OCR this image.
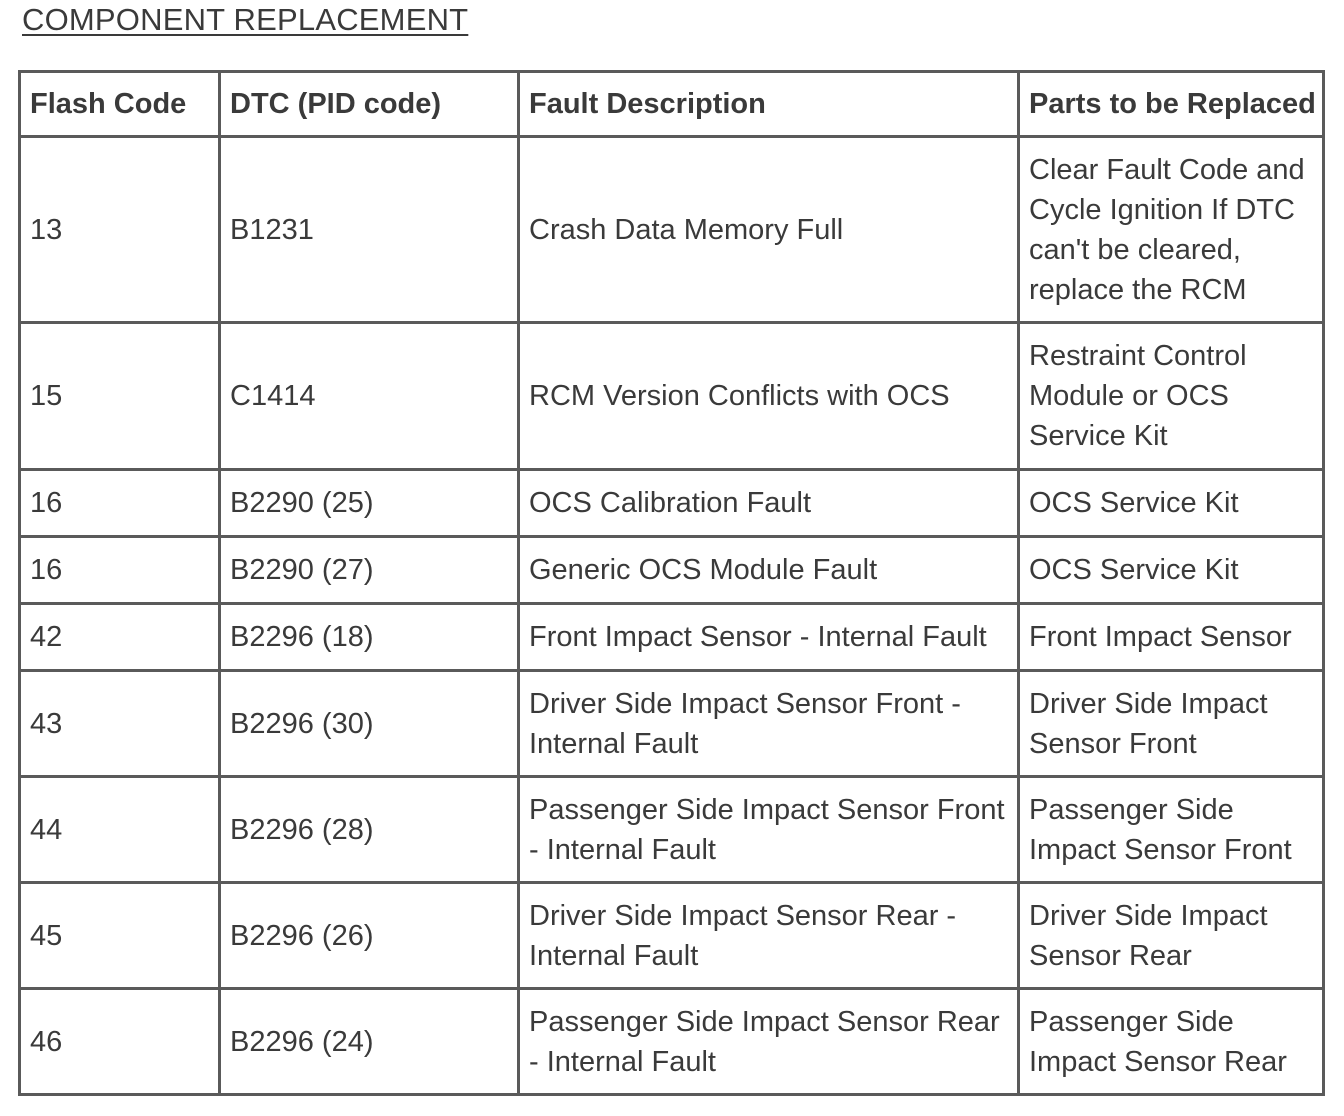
COMPONENT REPLACEMENT
Flash Code	DTC (PID code)	Fault Description	Parts to be Replaced
13	B1231	Crash Data Memory Full	Clear Fault Code and Cycle Ignition If DTC can't be cleared, replace the RCM
15	C1414	RCM Version Conflicts with OCS	Restraint Control Module or OCS Service Kit
16	B2290 (25)	OCS Calibration Fault	OCS Service Kit
16	B2290 (27)	Generic OCS Module Fault	OCS Service Kit
42	B2296 (18)	Front Impact Sensor - Internal Fault	Front Impact Sensor
43	B2296 (30)	Driver Side Impact Sensor Front - Internal Fault	Driver Side Impact Sensor Front
44	B2296 (28)	Passenger Side Impact Sensor Front - Internal Fault	Passenger Side Impact Sensor Front
45	B2296 (26)	Driver Side Impact Sensor Rear - Internal Fault	Driver Side Impact Sensor Rear
46	B2296 (24)	Passenger Side Impact Sensor Rear - Internal Fault	Passenger Side Impact Sensor Rear
